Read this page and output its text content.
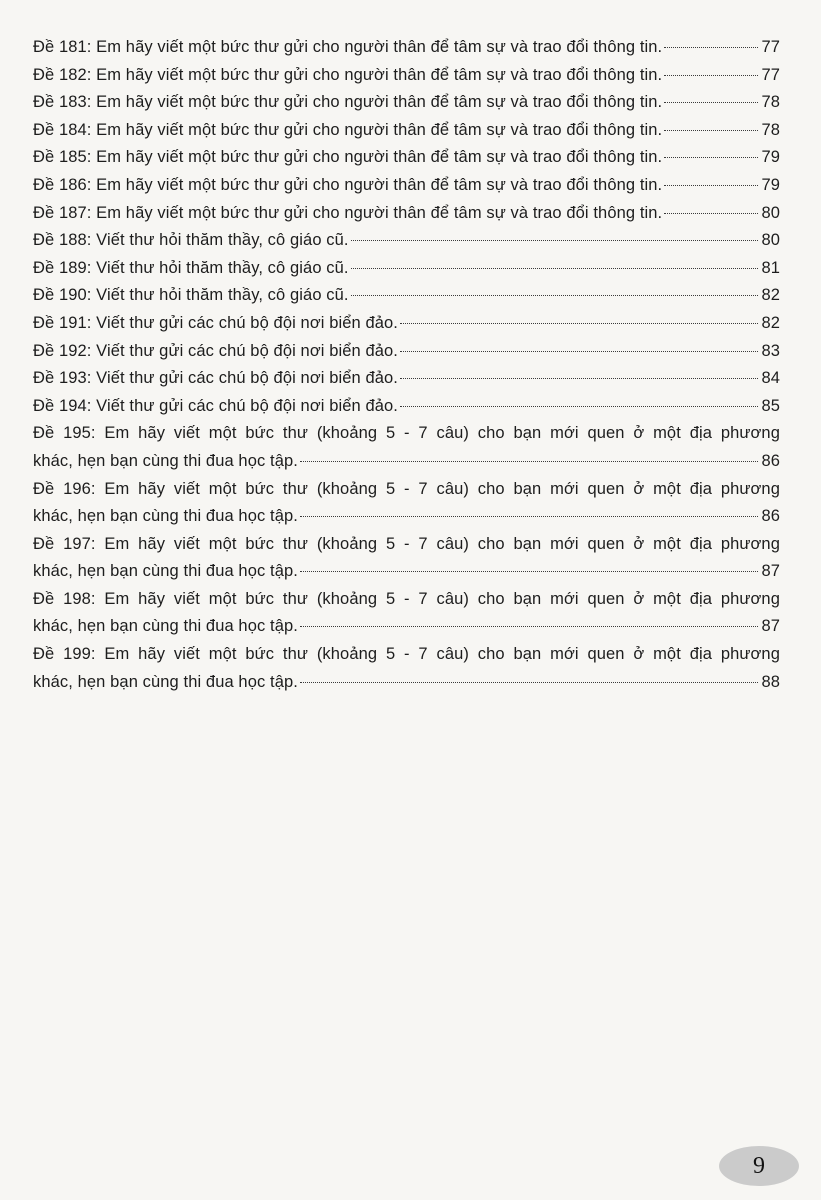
Đề 181: Em hãy viết một bức thư gửi cho người thân để tâm sự và trao đổi thông tin.	77
Đề 182: Em hãy viết một bức thư gửi cho người thân để tâm sự và trao đổi thông tin.	77
Đề 183: Em hãy viết một bức thư gửi cho người thân để tâm sự và trao đổi thông tin.	78
Đề 184: Em hãy viết một bức thư gửi cho người thân để tâm sự và trao đổi thông tin.	78
Đề 185: Em hãy viết một bức thư gửi cho người thân để tâm sự và trao đổi thông tin.	79
Đề 186: Em hãy viết một bức thư gửi cho người thân để tâm sự và trao đổi thông tin.	79
Đề 187: Em hãy viết một bức thư gửi cho người thân để tâm sự và trao đổi thông tin.	80
Đề 188: Viết thư hỏi thăm thầy, cô giáo cũ.	80
Đề 189: Viết thư hỏi thăm thầy, cô giáo cũ.	81
Đề 190: Viết thư hỏi thăm thầy, cô giáo cũ.	82
Đề 191: Viết thư gửi các chú bộ đội nơi biển đảo.	82
Đề 192: Viết thư gửi các chú bộ đội nơi biển đảo.	83
Đề 193: Viết thư gửi các chú bộ đội nơi biển đảo.	84
Đề 194: Viết thư gửi các chú bộ đội nơi biển đảo.	85
Đề 195: Em hãy viết một bức thư (khoảng 5 - 7 câu) cho bạn mới quen ở một địa phương
khác, hẹn bạn cùng thi đua học tập.	86
Đề 196: Em hãy viết một bức thư (khoảng 5 - 7 câu) cho bạn mới quen ở một địa phương
khác, hẹn bạn cùng thi đua học tập.	86
Đề 197: Em hãy viết một bức thư (khoảng 5 - 7 câu) cho bạn mới quen ở một địa phương
khác, hẹn bạn cùng thi đua học tập.	87
Đề 198: Em hãy viết một bức thư (khoảng 5 - 7 câu) cho bạn mới quen ở một địa phương
khác, hẹn bạn cùng thi đua học tập.	87
Đề 199: Em hãy viết một bức thư (khoảng 5 - 7 câu) cho bạn mới quen ở một địa phương
khác, hẹn bạn cùng thi đua học tập.	88
9
